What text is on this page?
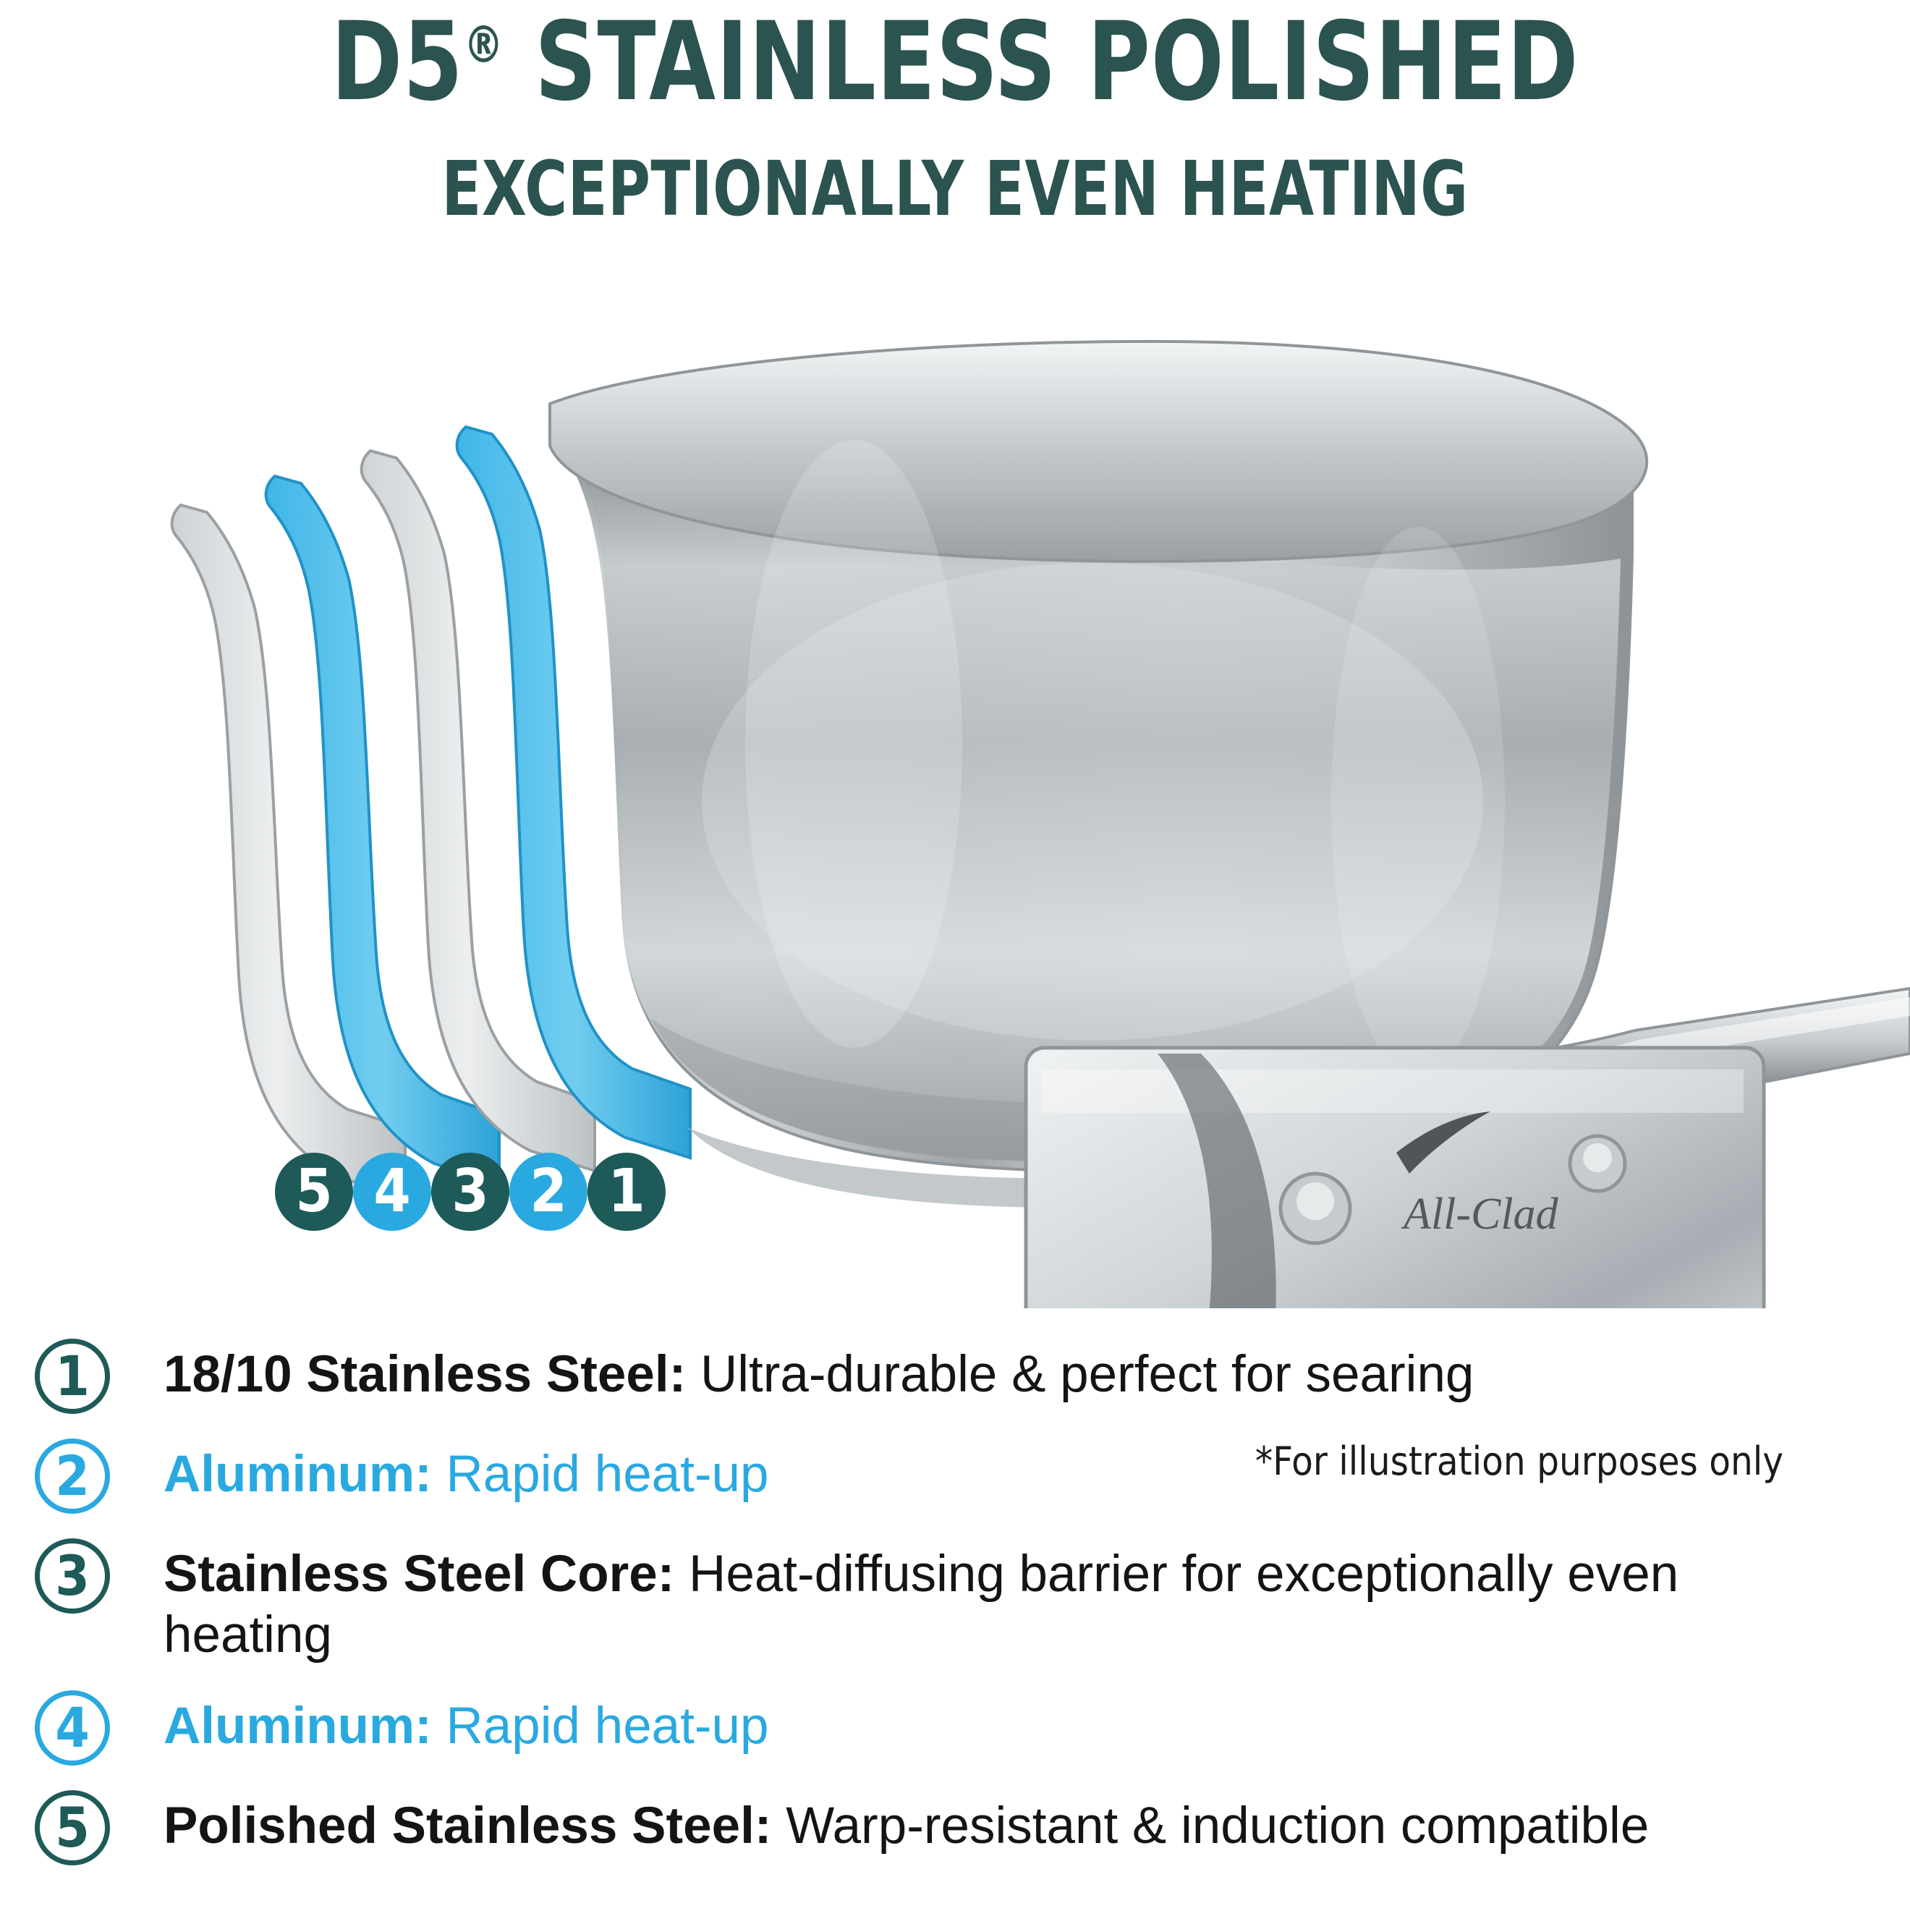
D5® STAINLESS POLISHED
EXCEPTIONALLY EVEN HEATING
All-Clad
5 4 3 2 1
*For illustration purposes only
1	18/10 Stainless Steel: Ultra-durable & perfect for searing
2	Aluminum: Rapid heat-up
3	Stainless Steel Core: Heat-diffusing barrier for exceptionally even heating
4	Aluminum: Rapid heat-up
5	Polished Stainless Steel: Warp-resistant & induction compatible
